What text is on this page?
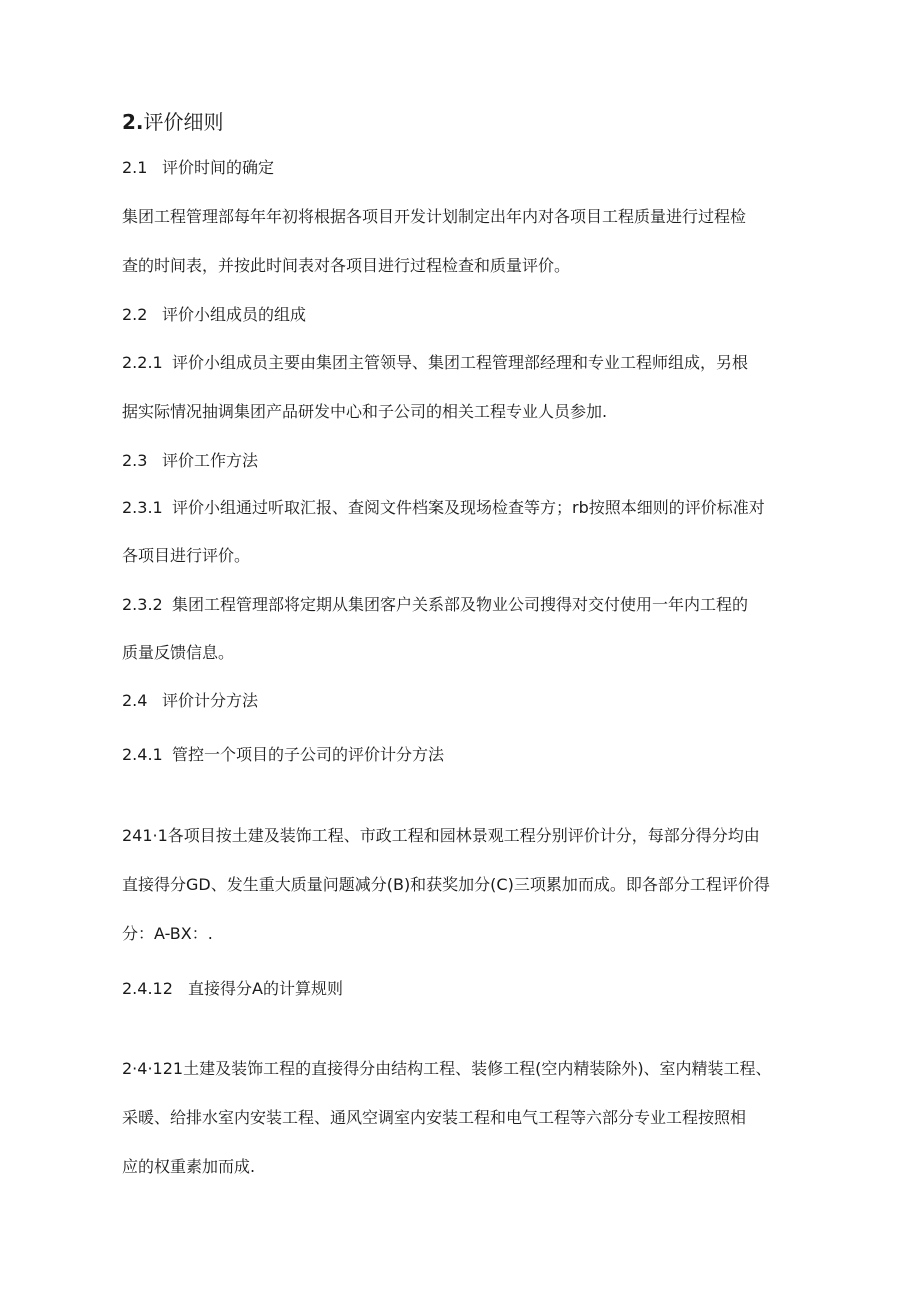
2.评价细则
2.1 评价时间的确定
集团工程管理部每年年初将根据各项目开发计划制定出年内对各项目工程质量进行过程检
查的时间表，并按此时间表对各项目进行过程检查和质量评价。
2.2 评价小组成员的组成
2.2.1 评价小组成员主要由集团主管领导、集团工程管理部经理和专业工程师组成，另根
据实际情况抽调集团产品研发中心和子公司的相关工程专业人员参加.
2.3 评价工作方法
2.3.1 评价小组通过听取汇报、查阅文件档案及现场检查等方；rb按照本细则的评价标准对
各项目进行评价。
2.3.2 集团工程管理部将定期从集团客户关系部及物业公司搜得对交付使用一年内工程的
质量反馈信息。
2.4 评价计分方法
2.4.1 管控一个项目的子公司的评价计分方法
241·1各项目按土建及装饰工程、市政工程和园林景观工程分别评价计分，每部分得分均由
直接得分GD、发生重大质量问题减分(B)和获奖加分(C)三项累加而成。即各部分工程评价得
分：A-BX：.
2.4.12 直接得分A的计算规则
2·4·121土建及装饰工程的直接得分由结构工程、装修工程(空内精装除外)、室内精装工程、
采暖、给排水室内安装工程、通风空调室内安装工程和电气工程等六部分专业工程按照相
应的权重素加而成.
